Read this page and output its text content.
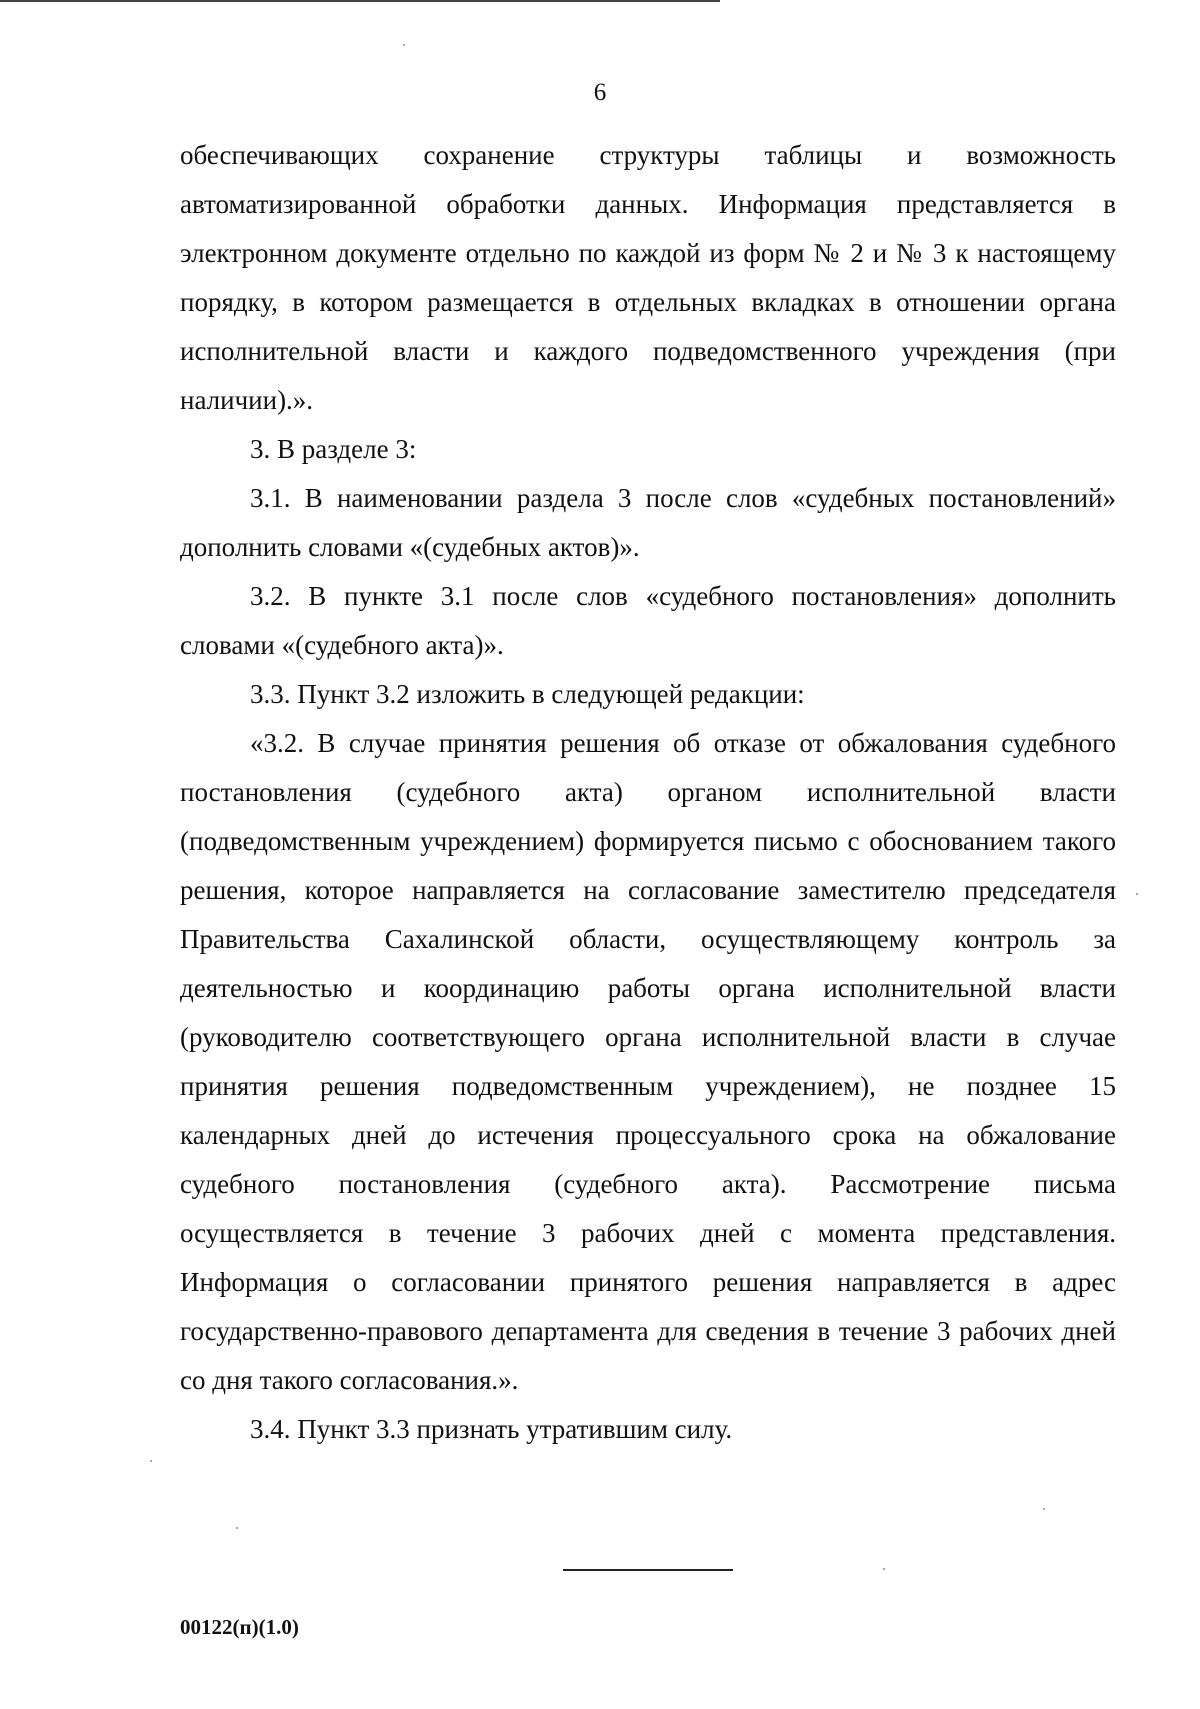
6

обеспечивающих сохранение структуры таблицы и возможность автоматизированной обработки данных. Информация представляется в электронном документе отдельно по каждой из форм № 2 и № 3 к настоящему порядку, в котором размещается в отдельных вкладках в отношении органа исполнительной власти и каждого подведомственного учреждения (при наличии).».

3. В разделе 3:

3.1. В наименовании раздела 3 после слов «судебных постановлений» дополнить словами «(судебных актов)».

3.2. В пункте 3.1 после слов «судебного постановления» дополнить словами «(судебного акта)».

3.3. Пункт 3.2 изложить в следующей редакции:

«3.2. В случае принятия решения об отказе от обжалования судебного постановления (судебного акта) органом исполнительной власти (подведомственным учреждением) формируется письмо с обоснованием такого решения, которое направляется на согласование заместителю председателя Правительства Сахалинской области, осуществляющему контроль за деятельностью и координацию работы органа исполнительной власти (руководителю соответствующего органа исполнительной власти в случае принятия решения подведомственным учреждением), не позднее 15 календарных дней до истечения процессуального срока на обжалование судебного постановления (судебного акта). Рассмотрение письма осуществляется в течение 3 рабочих дней с момента представления. Информация о согласовании принятого решения направляется в адрес государственно-правового департамента для сведения в течение 3 рабочих дней со дня такого согласования.».

3.4. Пункт 3.3 признать утратившим силу.

00122(п)(1.0)
